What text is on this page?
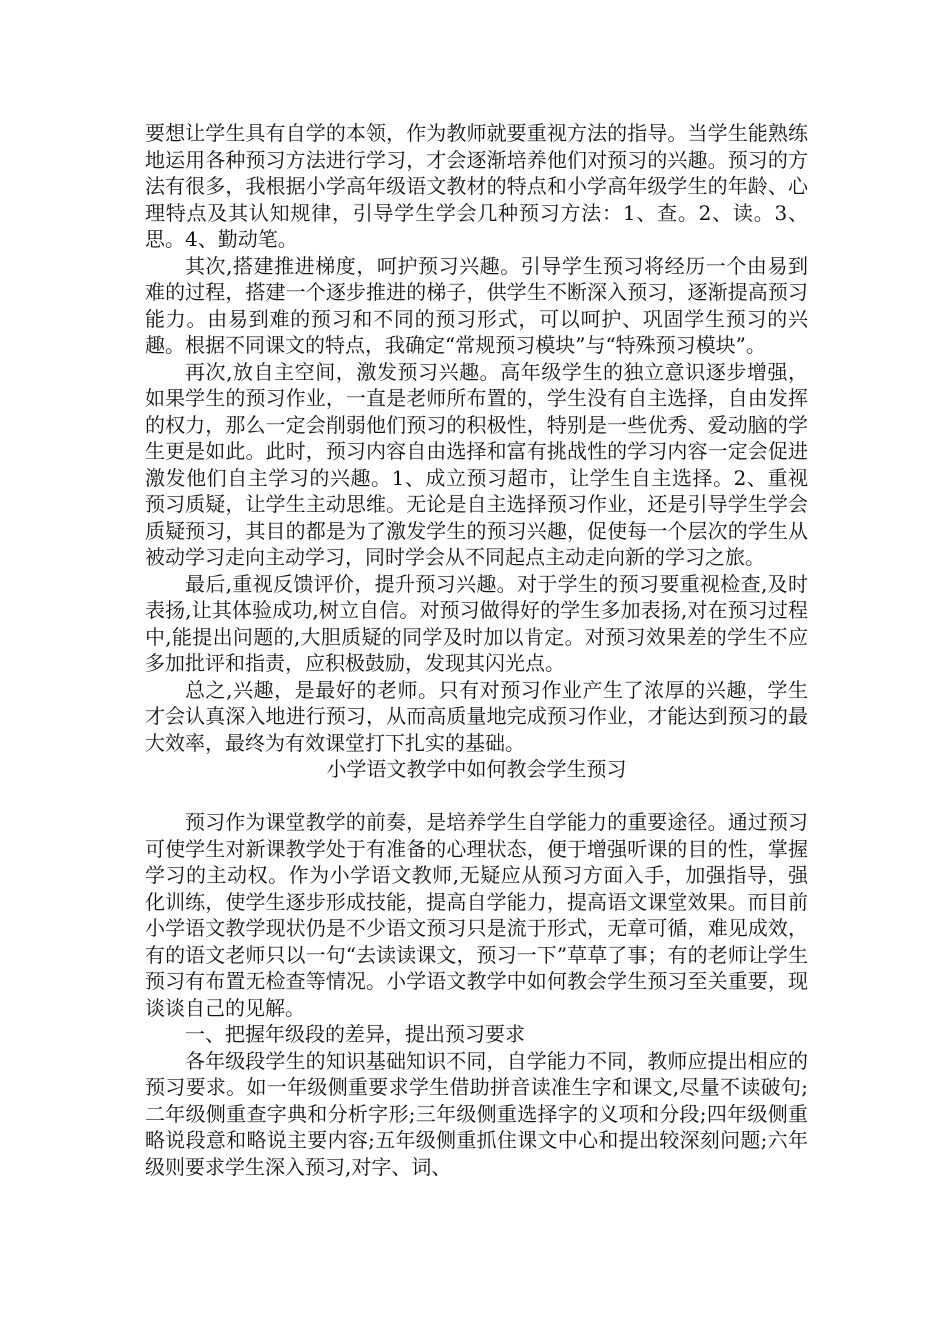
要想让学生具有自学的本领，作为教师就要重视方法的指导。当学生能熟练地运用各种预习方法进行学习，才会逐渐培养他们对预习的兴趣。预习的方法有很多，我根据小学高年级语文教材的特点和小学高年级学生的年龄、心理特点及其认知规律，引导学生学会几种预习方法：1、查。2、读。3、思。4、勤动笔。

其次,搭建推进梯度，呵护预习兴趣。引导学生预习将经历一个由易到难的过程，搭建一个逐步推进的梯子，供学生不断深入预习，逐渐提高预习能力。由易到难的预习和不同的预习形式，可以呵护、巩固学生预习的兴趣。根据不同课文的特点，我确定“常规预习模块”与“特殊预习模块”。

再次,放自主空间，激发预习兴趣。高年级学生的独立意识逐步增强，如果学生的预习作业，一直是老师所布置的，学生没有自主选择，自由发挥的权力，那么一定会削弱他们预习的积极性，特别是一些优秀、爱动脑的学生更是如此。此时，预习内容自由选择和富有挑战性的学习内容一定会促进激发他们自主学习的兴趣。1、成立预习超市，让学生自主选择。2、重视预习质疑，让学生主动思维。无论是自主选择预习作业，还是引导学生学会质疑预习，其目的都是为了激发学生的预习兴趣，促使每一个层次的学生从被动学习走向主动学习，同时学会从不同起点主动走向新的学习之旅。

最后,重视反馈评价，提升预习兴趣。对于学生的预习要重视检查,及时表扬,让其体验成功,树立自信。对预习做得好的学生多加表扬,对在预习过程中,能提出问题的,大胆质疑的同学及时加以肯定。对预习效果差的学生不应多加批评和指责，应积极鼓励，发现其闪光点。

总之,兴趣，是最好的老师。只有对预习作业产生了浓厚的兴趣，学生才会认真深入地进行预习，从而高质量地完成预习作业，才能达到预习的最大效率，最终为有效课堂打下扎实的基础。

小学语文教学中如何教会学生预习

预习作为课堂教学的前奏，是培养学生自学能力的重要途径。通过预习可使学生对新课教学处于有准备的心理状态，便于增强听课的目的性，掌握学习的主动权。作为小学语文教师,无疑应从预习方面入手，加强指导，强化训练，使学生逐步形成技能，提高自学能力，提高语文课堂效果。而目前小学语文教学现状仍是不少语文预习只是流于形式，无章可循，难见成效，有的语文老师只以一句“去读读课文，预习一下”草草了事；有的老师让学生预习有布置无检查等情况。小学语文教学中如何教会学生预习至关重要，现谈谈自己的见解。

一、把握年级段的差异，提出预习要求

各年级段学生的知识基础知识不同，自学能力不同，教师应提出相应的预习要求。如一年级侧重要求学生借助拼音读准生字和课文,尽量不读破句;二年级侧重查字典和分析字形;三年级侧重选择字的义项和分段;四年级侧重略说段意和略说主要内容;五年级侧重抓住课文中心和提出较深刻问题;六年级则要求学生深入预习,对字、词、
